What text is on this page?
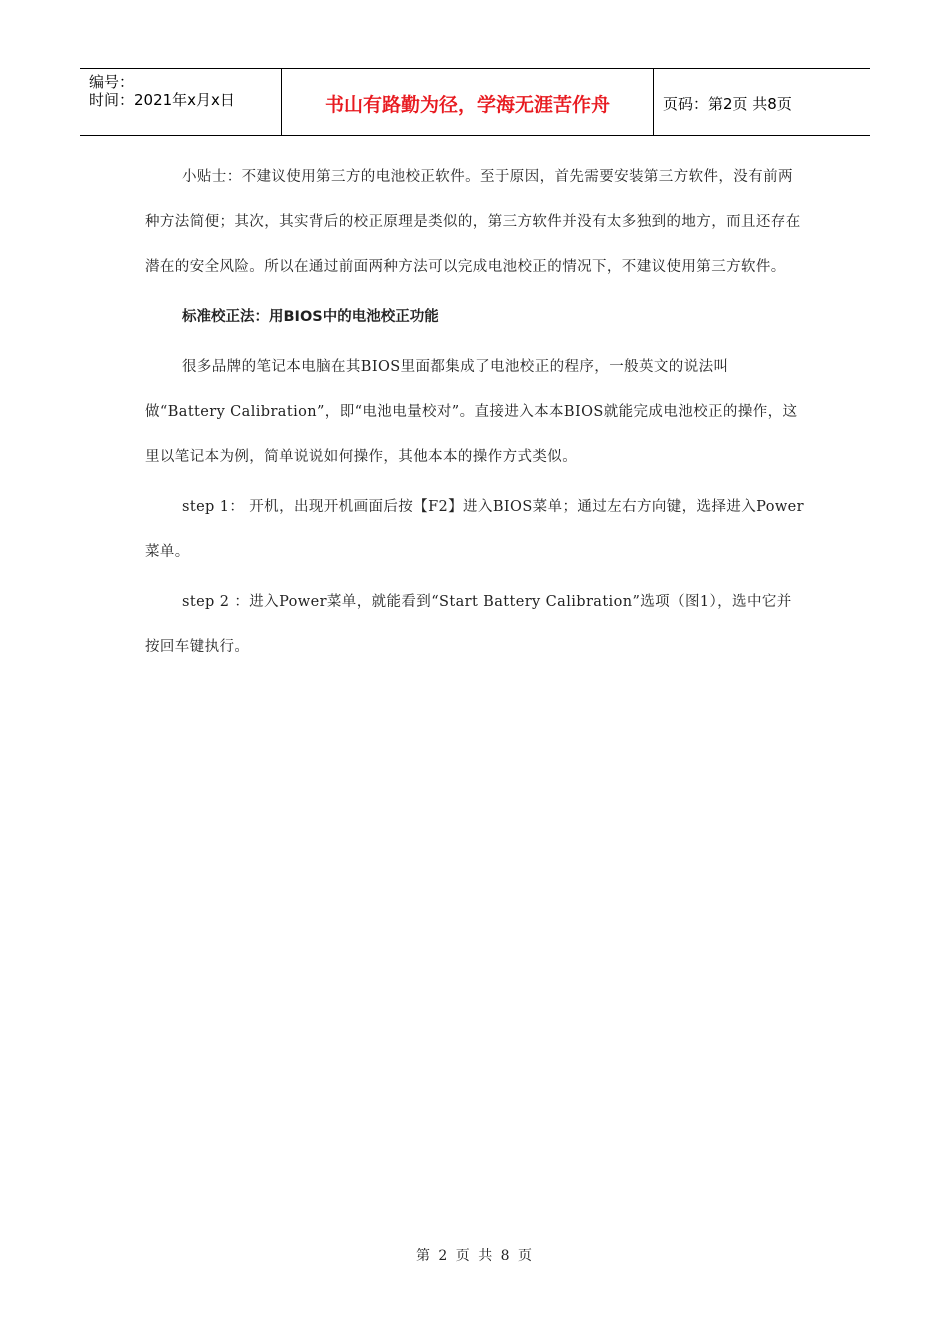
编号：
时间：2021年x月x日	书山有路勤为径，学海无涯苦作舟	页码：第2页 共8页

小贴士：不建议使用第三方的电池校正软件。至于原因，首先需要安装第三方软件，没有前两种方法简便；其次，其实背后的校正原理是类似的，第三方软件并没有太多独到的地方，而且还存在潜在的安全风险。所以在通过前面两种方法可以完成电池校正的情况下，不建议使用第三方软件。

标准校正法：用BIOS中的电池校正功能

很多品牌的笔记本电脑在其BIOS里面都集成了电池校正的程序，一般英文的说法叫做“Battery Calibration”，即“电池电量校对”。直接进入本本BIOS就能完成电池校正的操作，这里以笔记本为例，简单说说如何操作，其他本本的操作方式类似。

step 1： 开机，出现开机画面后按【F2】进入BIOS菜单；通过左右方向键，选择进入Power菜单。

step 2 ：进入Power菜单，就能看到“Start Battery Calibration”选项（图1），选中它并按回车键执行。

第 2 页 共 8 页
